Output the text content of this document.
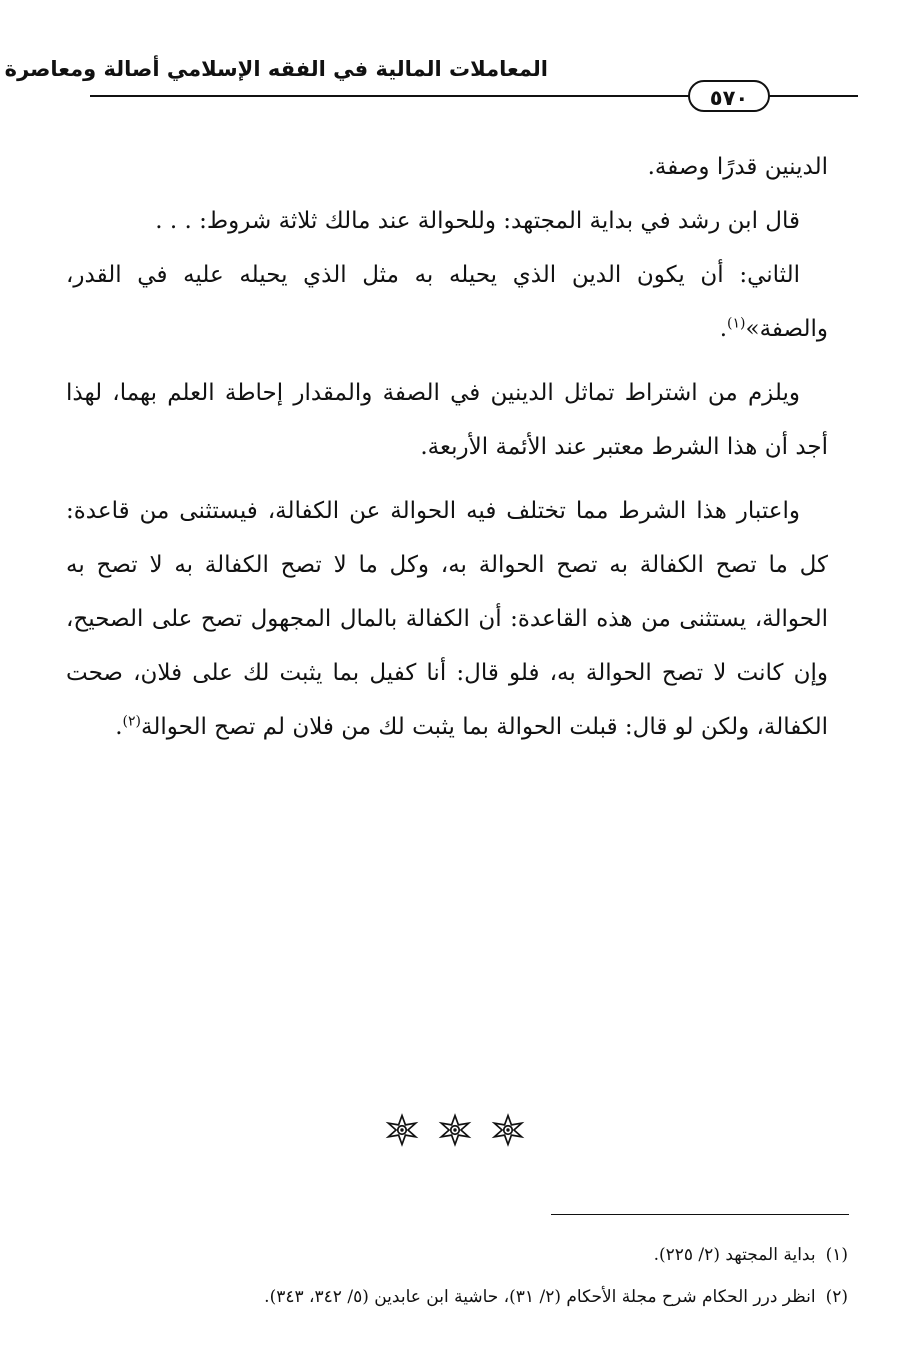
المعاملات المالية في الفقه الإسلامي أصالة ومعاصرة
٥٧٠

الدينين قدرًا وصفة.

قال ابن رشد في بداية المجتهد: وللحوالة عند مالك ثلاثة شروط: . . .

الثاني: أن يكون الدين الذي يحيله به مثل الذي يحيله عليه في القدر، والصفة»$^{(١)}$.

ويلزم من اشتراط تماثل الدينين في الصفة والمقدار إحاطة العلم بهما، لهذا أجد أن هذا الشرط معتبر عند الأئمة الأربعة.

واعتبار هذا الشرط مما تختلف فيه الحوالة عن الكفالة، فيستثنى من قاعدة: كل ما تصح الكفالة به تصح الحوالة به، وكل ما لا تصح الكفالة به لا تصح به الحوالة، يستثنى من هذه القاعدة: أن الكفالة بالمال المجهول تصح على الصحيح، وإن كانت لا تصح الحوالة به، فلو قال: أنا كفيل بما يثبت لك على فلان، صحت الكفالة، ولكن لو قال: قبلت الحوالة بما يثبت لك من فلان لم تصح الحوالة$^{(٢)}$.

(١)بداية المجتهد (٢/ ٢٢٥).

(٢)انظر درر الحكام شرح مجلة الأحكام (٢/ ٣١)، حاشية ابن عابدين (٥/ ٣٤٢، ٣٤٣).
